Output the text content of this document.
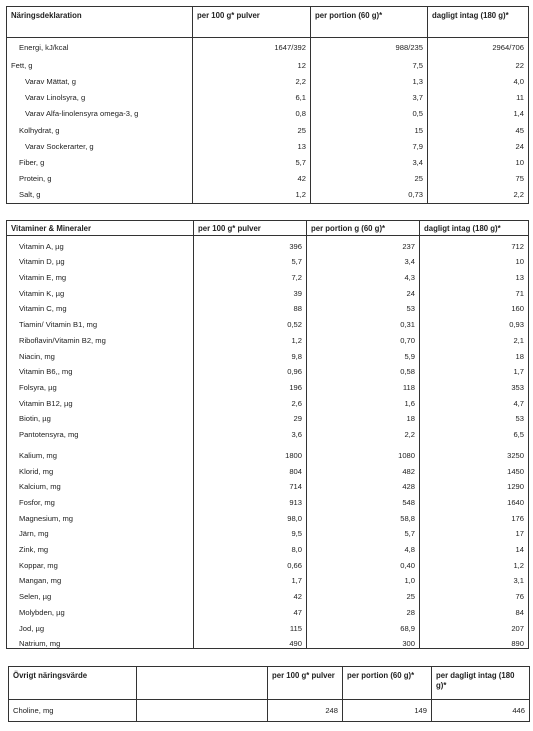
Näringsdeklaration	per 100 g* pulver	per portion (60 g)*	dagligt intag (180 g)*
Energi, kJ/kcal	1647/392	988/235	2964/706
Fett, g	12	7,5	22
Varav Mättat, g	2,2	1,3	4,0
Varav Linolsyra, g	6,1	3,7	11
Varav Alfa-linolensyra omega-3, g	0,8	0,5	1,4
Kolhydrat, g	25	15	45
Varav Sockerarter, g	13	7,9	24
Fiber, g	5,7	3,4	10
Protein, g	42	25	75
Salt, g	1,2	0,73	2,2
Vitaminer & Mineraler	per 100 g* pulver	per portion g (60 g)*	dagligt intag (180 g)*
Vitamin A, µg	396	237	712
Vitamin D, µg	5,7	3,4	10
Vitamin E, mg	7,2	4,3	13
Vitamin K, µg	39	24	71
Vitamin C, mg	88	53	160
Tiamin/ Vitamin B1, mg	0,52	0,31	0,93
Riboflavin/Vitamin B2, mg	1,2	0,70	2,1
Niacin, mg	9,8	5,9	18
Vitamin B6,, mg	0,96	0,58	1,7
Folsyra, µg	196	118	353
Vitamin B12, µg	2,6	1,6	4,7
Biotin, µg	29	18	53
Pantotensyra, mg	3,6	2,2	6,5
Kalium, mg	1800	1080	3250
Klorid, mg	804	482	1450
Kalcium, mg	714	428	1290
Fosfor, mg	913	548	1640
Magnesium, mg	98,0	58,8	176
Järn, mg	9,5	5,7	17
Zink, mg	8,0	4,8	14
Koppar, mg	0,66	0,40	1,2
Mangan, mg	1,7	1,0	3,1
Selen, µg	42	25	76
Molybden, µg	47	28	84
Jod, µg	115	68,9	207
Natrium, mg	490	300	890
Övrigt näringsvärde		per 100 g* pulver	per portion (60 g)*	per dagligt intag (180 g)*
Choline, mg		248	149	446
